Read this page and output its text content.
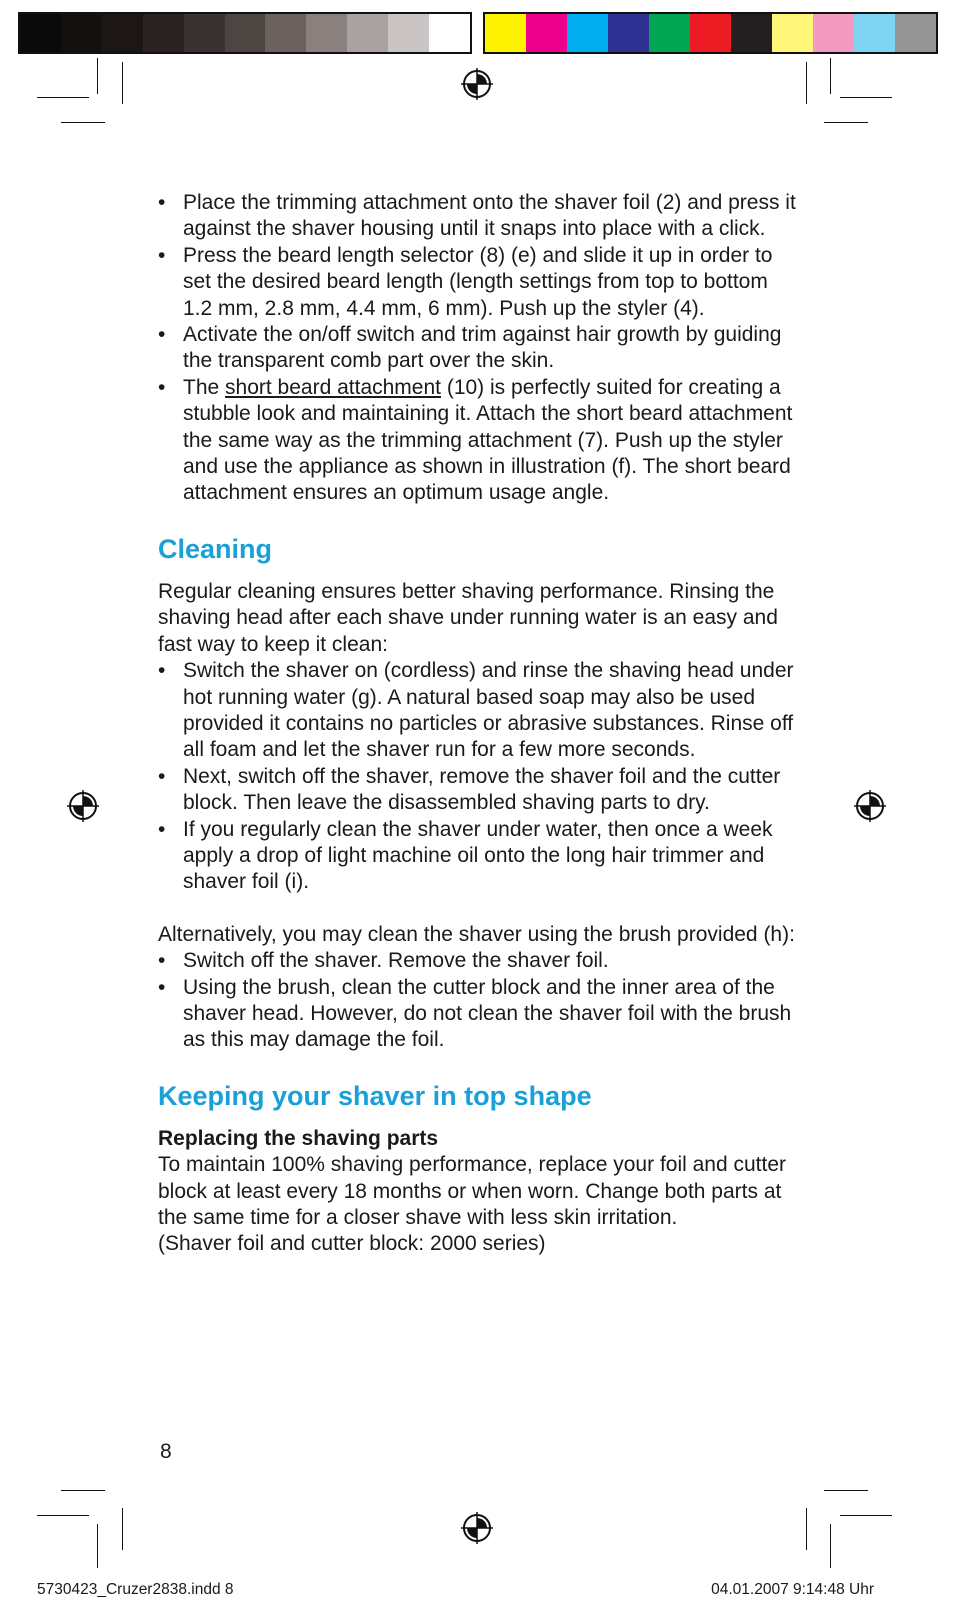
• Place the trimming attachment onto the shaver foil (2) and press it against the shaver housing until it snaps into place with a click.
• Press the beard length selector (8) (e) and slide it up in order to set the desired beard length (length settings from top to bottom 1.2 mm, 2.8 mm, 4.4 mm, 6 mm). Push up the styler (4).
• Activate the on/off switch and trim against hair growth by guiding the transparent comb part over the skin.
• The short beard attachment (10) is perfectly suited for creating a stubble look and maintaining it. Attach the short beard attachment the same way as the trimming attachment (7). Push up the styler and use the appliance as shown in illustration (f). The short beard attachment ensures an optimum usage angle.
Cleaning

Regular cleaning ensures better shaving performance. Rinsing the shaving head after each shave under running water is an easy and fast way to keep it clean:

• Switch the shaver on (cordless) and rinse the shaving head under hot running water (g). A natural based soap may also be used provided it contains no particles or abrasive substances. Rinse off all foam and let the shaver run for a few more seconds.
• Next, switch off the shaver, remove the shaver foil and the cutter block. Then leave the disassembled shaving parts to dry.
• If you regularly clean the shaver under water, then once a week apply a drop of light machine oil onto the long hair trimmer and shaver foil (i).

Alternatively, you may clean the shaver using the brush provided (h):

• Switch off the shaver. Remove the shaver foil.
• Using the brush, clean the cutter block and the inner area of the shaver head. However, do not clean the shaver foil with the brush as this may damage the foil.
Keeping your shaver in top shape

Replacing the shaving parts

To maintain 100% shaving performance, replace your foil and cutter block at least every 18 months or when worn. Change both parts at the same time for a closer shave with less skin irritation.

(Shaver foil and cutter block: 2000 series)

8
5730423_Cruzer2838.indd 8	04.01.2007 9:14:48 Uhr
